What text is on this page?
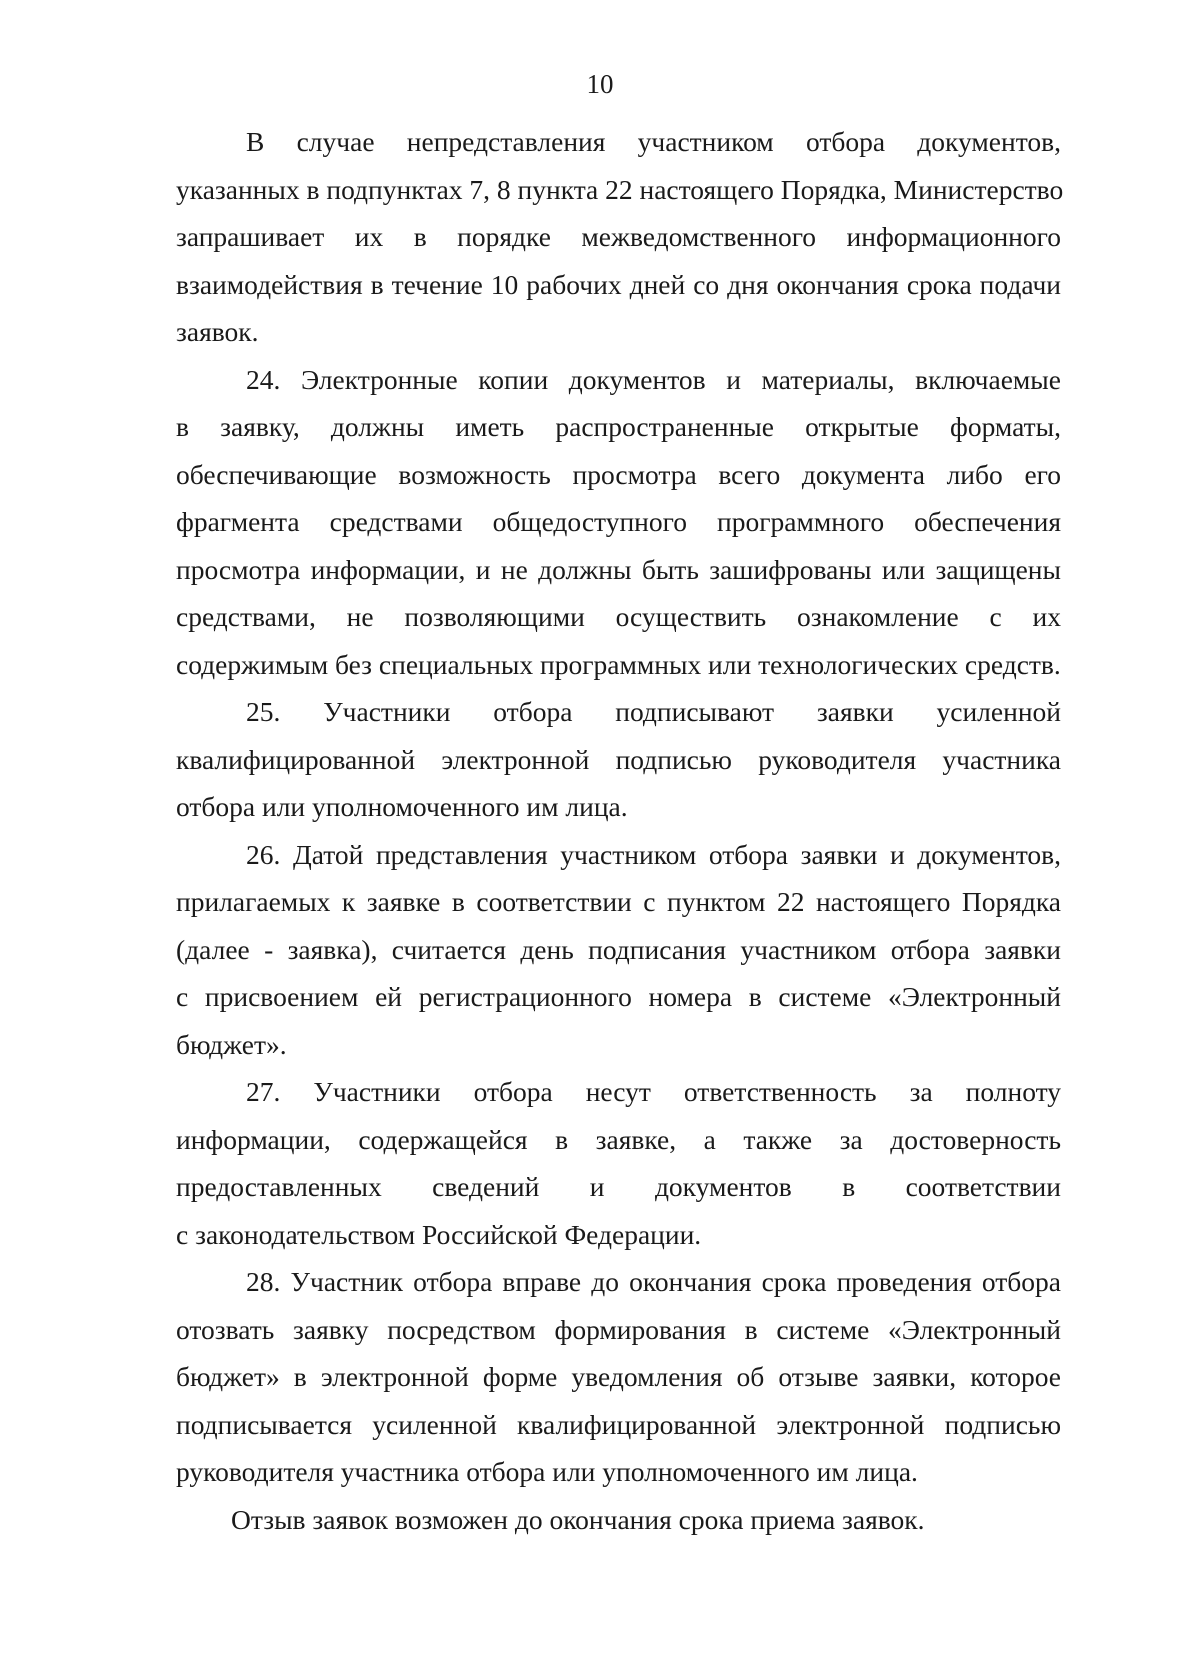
10

В случае непредставления участником отбора документов,
указанных в подпунктах 7, 8 пункта 22 настоящего Порядка, Министерство
запрашивает их в порядке межведомственного информационного
взаимодействия в течение 10 рабочих дней со дня окончания срока подачи
заявок.

24. Электронные копии документов и материалы, включаемые
в заявку, должны иметь распространенные открытые форматы,
обеспечивающие возможность просмотра всего документа либо его
фрагмента средствами общедоступного программного обеспечения
просмотра информации, и не должны быть зашифрованы или защищены
средствами, не позволяющими осуществить ознакомление с их
содержимым без специальных программных или технологических средств.

25. Участники отбора подписывают заявки усиленной
квалифицированной электронной подписью руководителя участника
отбора или уполномоченного им лица.

26. Датой представления участником отбора заявки и документов,
прилагаемых к заявке в соответствии с пунктом 22 настоящего Порядка
(далее - заявка), считается день подписания участником отбора заявки
с присвоением ей регистрационного номера в системе «Электронный
бюджет».

27. Участники отбора несут ответственность за полноту
информации, содержащейся в заявке, а также за достоверность
предоставленных сведений и документов в соответствии
с законодательством Российской Федерации.

28. Участник отбора вправе до окончания срока проведения отбора
отозвать заявку посредством формирования в системе «Электронный
бюджет» в электронной форме уведомления об отзыве заявки, которое
подписывается усиленной квалифицированной электронной подписью
руководителя участника отбора или уполномоченного им лица.

Отзыв заявок возможен до окончания срока приема заявок.
